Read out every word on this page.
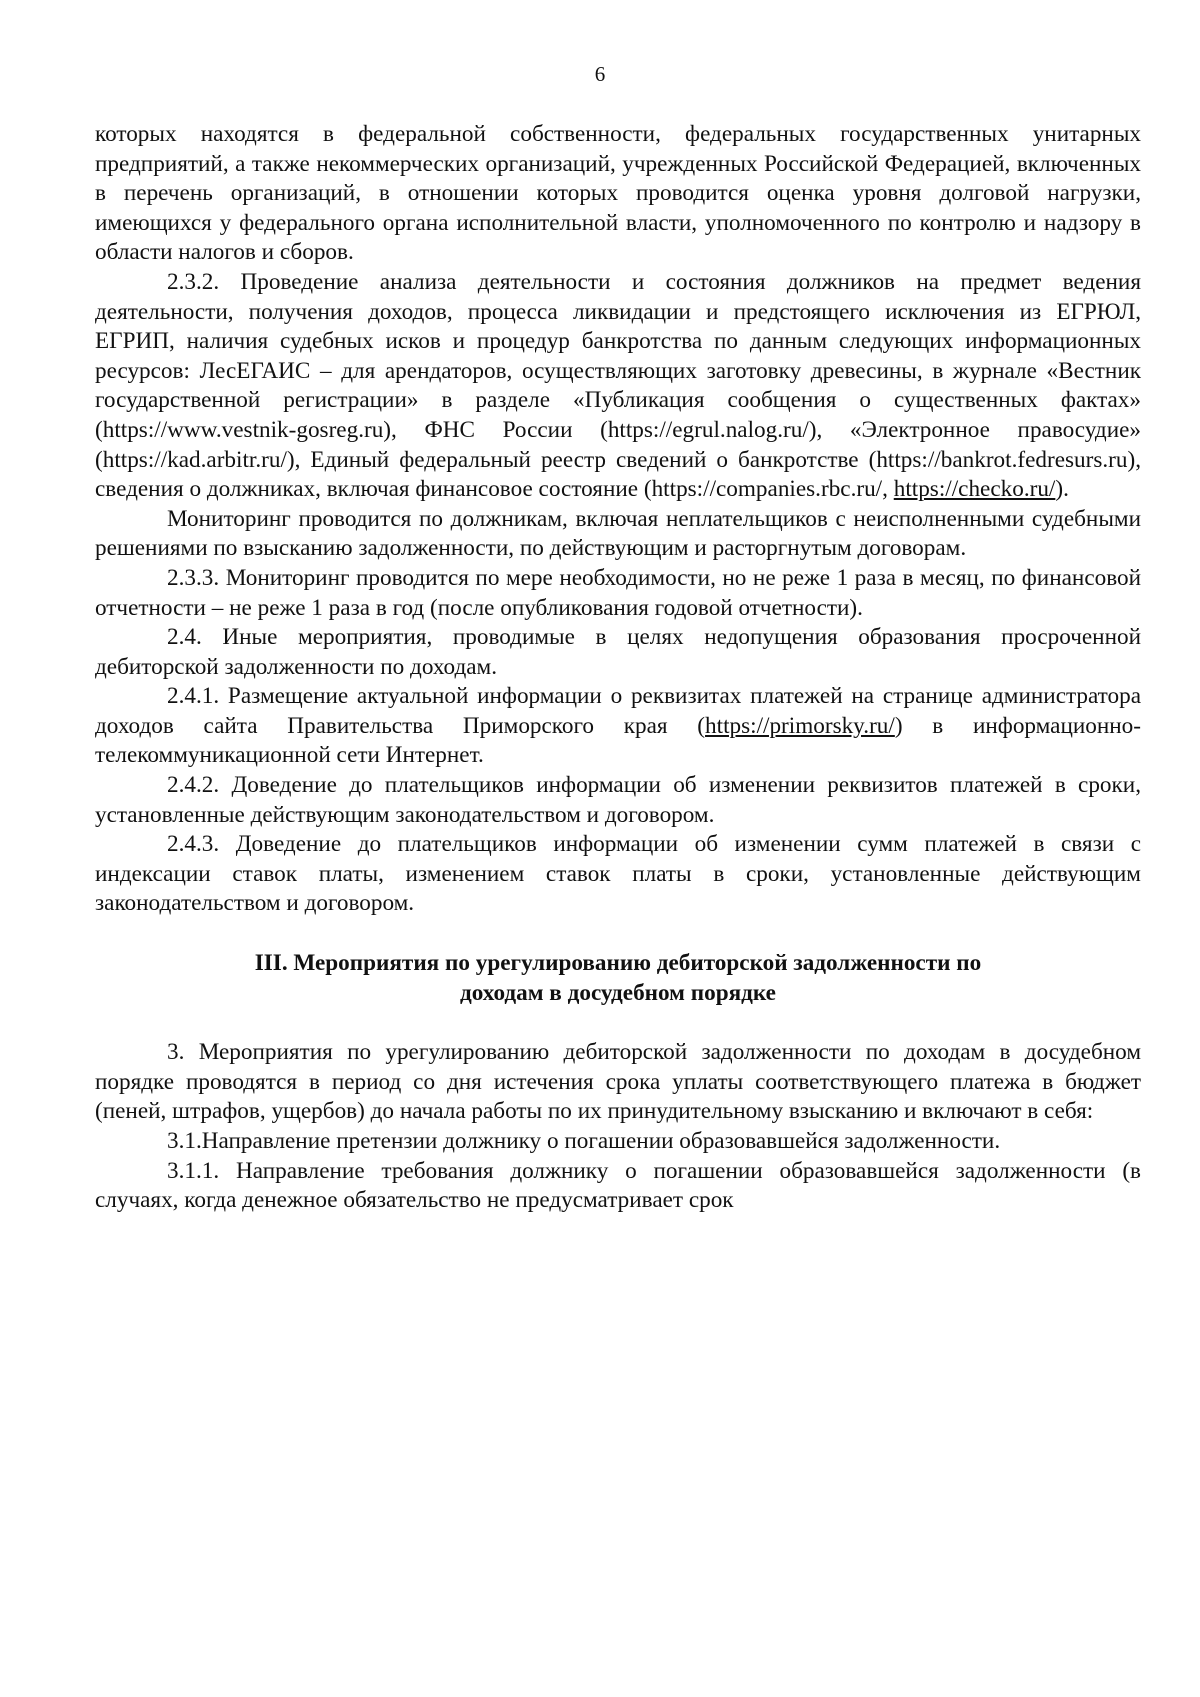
6

которых находятся в федеральной собственности, федеральных государственных унитарных предприятий, а также некоммерческих организаций, учрежденных Российской Федерацией, включенных в перечень организаций, в отношении которых проводится оценка уровня долговой нагрузки, имеющихся у федерального органа исполнительной власти, уполномоченного по контролю и надзору в области налогов и сборов.

2.3.2. Проведение анализа деятельности и состояния должников на предмет ведения деятельности, получения доходов, процесса ликвидации и предстоящего исключения из ЕГРЮЛ, ЕГРИП, наличия судебных исков и процедур банкротства по данным следующих информационных ресурсов: ЛесЕГАИС – для арендаторов, осуществляющих заготовку древесины, в журнале «Вестник государственной регистрации» в разделе «Публикация сообщения о существенных фактах» (https://www.vestnik-gosreg.ru), ФНС России (https://egrul.nalog.ru/), «Электронное правосудие» (https://kad.arbitr.ru/), Единый федеральный реестр сведений о банкротстве (https://bankrot.fedresurs.ru), сведения о должниках, включая финансовое состояние (https://companies.rbc.ru/, https://checko.ru/).

Мониторинг проводится по должникам, включая неплательщиков с неисполненными судебными решениями по взысканию задолженности, по действующим и расторгнутым договорам.

2.3.3. Мониторинг проводится по мере необходимости, но не реже 1 раза в месяц, по финансовой отчетности – не реже 1 раза в год (после опубликования годовой отчетности).

2.4. Иные мероприятия, проводимые в целях недопущения образования просроченной дебиторской задолженности по доходам.

2.4.1. Размещение актуальной информации о реквизитах платежей на странице администратора доходов сайта Правительства Приморского края (https://primorsky.ru/) в информационно-телекоммуникационной сети Интернет.

2.4.2. Доведение до плательщиков информации об изменении реквизитов платежей в сроки, установленные действующим законодательством и договором.

2.4.3. Доведение до плательщиков информации об изменении сумм платежей в связи с индексации ставок платы, изменением ставок платы в сроки, установленные действующим законодательством и договором.

III. Мероприятия по урегулированию дебиторской задолженности по
доходам в досудебном порядке

3. Мероприятия по урегулированию дебиторской задолженности по доходам в досудебном порядке проводятся в период со дня истечения срока уплаты соответствующего платежа в бюджет (пеней, штрафов, ущербов) до начала работы по их принудительному взысканию и включают в себя:

3.1.Направление претензии должнику о погашении образовавшейся задолженности.

3.1.1. Направление требования должнику о погашении образовавшейся задолженности (в случаях, когда денежное обязательство не предусматривает срок
